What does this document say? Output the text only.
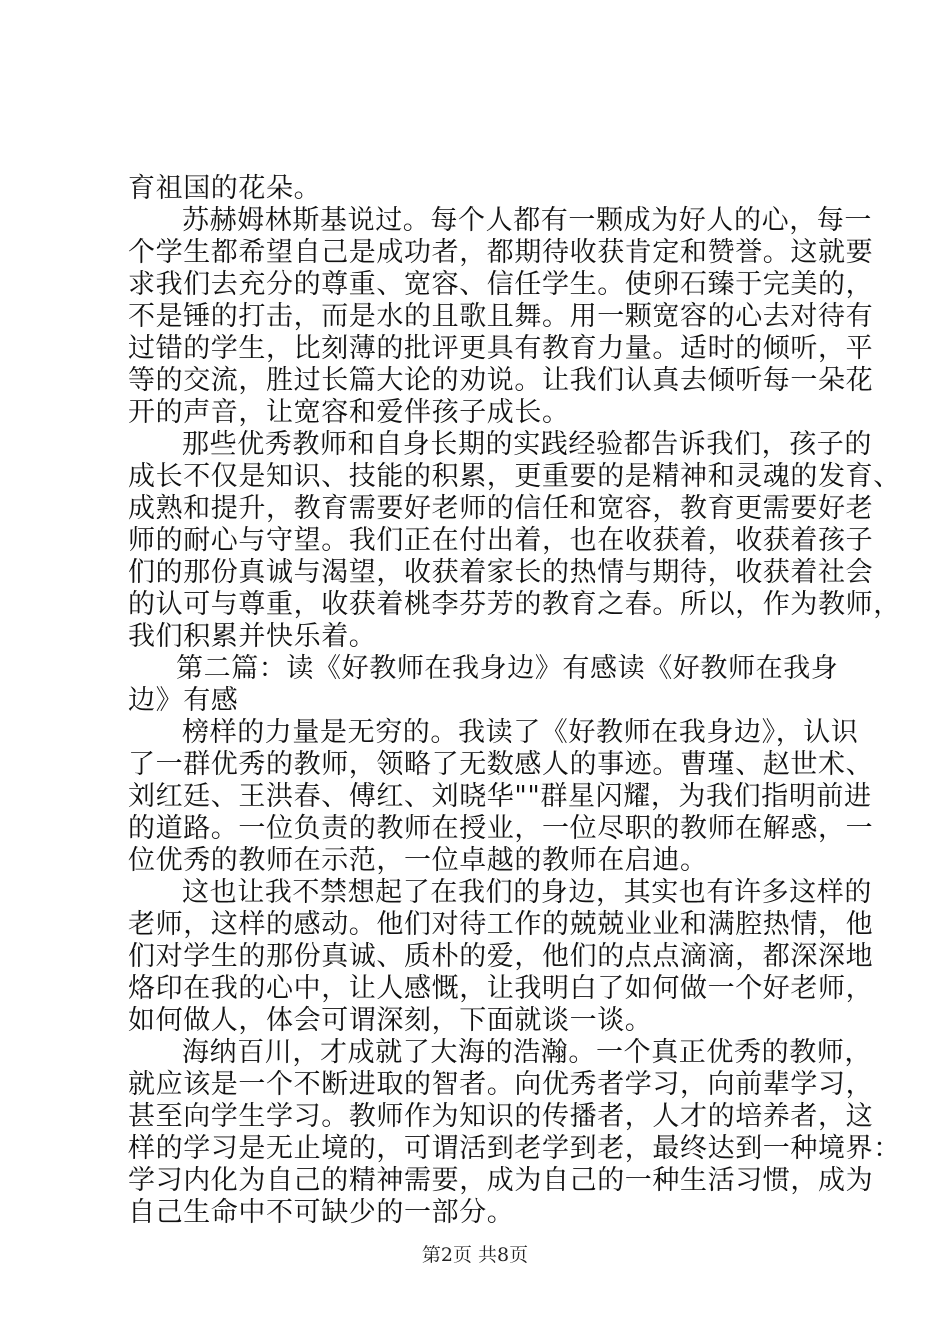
育祖国的花朵。
苏赫姆林斯基说过。每个人都有一颗成为好人的心，每一
个学生都希望自己是成功者，都期待收获肯定和赞誉。这就要
求我们去充分的尊重、宽容、信任学生。使卵石臻于完美的，
不是锤的打击，而是水的且歌且舞。用一颗宽容的心去对待有
过错的学生，比刻薄的批评更具有教育力量。适时的倾听，平
等的交流，胜过长篇大论的劝说。让我们认真去倾听每一朵花
开的声音，让宽容和爱伴孩子成长。
那些优秀教师和自身长期的实践经验都告诉我们，孩子的
成长不仅是知识、技能的积累，更重要的是精神和灵魂的发育、
成熟和提升，教育需要好老师的信任和宽容，教育更需要好老
师的耐心与守望。我们正在付出着，也在收获着，收获着孩子
们的那份真诚与渴望，收获着家长的热情与期待，收获着社会
的认可与尊重，收获着桃李芬芳的教育之春。所以，作为教师，
我们积累并快乐着。
第二篇：读《好教师在我身边》有感读《好教师在我身
边》有感
榜样的力量是无穷的。我读了《好教师在我身边》，认识
了一群优秀的教师，领略了无数感人的事迹。曹瑾、赵世术、
刘红廷、王洪春、傅红、刘晓华""群星闪耀，为我们指明前进
的道路。一位负责的教师在授业，一位尽职的教师在解惑，一
位优秀的教师在示范，一位卓越的教师在启迪。
这也让我不禁想起了在我们的身边，其实也有许多这样的
老师，这样的感动。他们对待工作的兢兢业业和满腔热情，他
们对学生的那份真诚、质朴的爱，他们的点点滴滴，都深深地
烙印在我的心中，让人感慨，让我明白了如何做一个好老师，
如何做人，体会可谓深刻，下面就谈一谈。
海纳百川，才成就了大海的浩瀚。一个真正优秀的教师，
就应该是一个不断进取的智者。向优秀者学习，向前辈学习，
甚至向学生学习。教师作为知识的传播者，人才的培养者，这
样的学习是无止境的，可谓活到老学到老，最终达到一种境界：
学习内化为自己的精神需要，成为自己的一种生活习惯，成为
自己生命中不可缺少的一部分。
第2页 共8页
